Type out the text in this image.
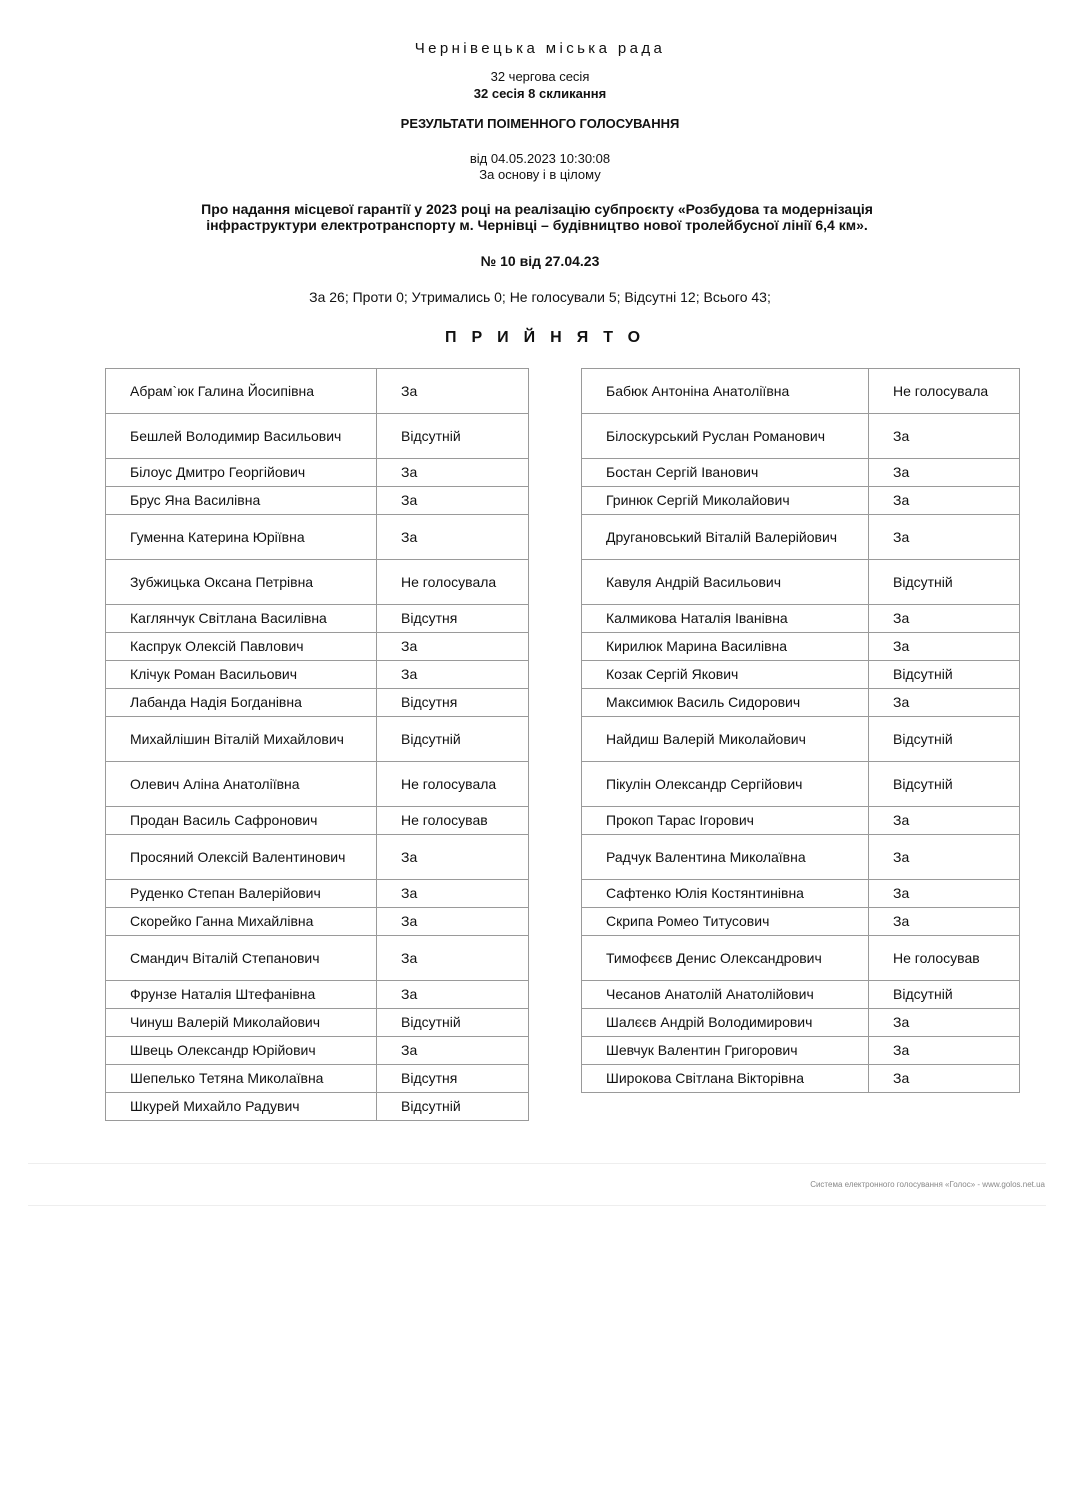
Чернівецька міська рада
32 чергова сесія
32 сесія 8 скликання
РЕЗУЛЬТАТИ ПОІМЕННОГО ГОЛОСУВАННЯ
від 04.05.2023 10:30:08
За основу і в цілому
Про надання місцевої гарантії у 2023 році на реалізацію субпроєкту «Розбудова та модернізація інфраструктури електротранспорту м. Чернівці – будівництво нової тролейбусної лінії 6,4 км».
№ 10 від 27.04.23
За 26; Проти 0; Утримались 0; Не голосували 5; Відсутні 12; Всього 43;
ПРИЙНЯТО
Абрам`юк Галина Йосипівна	За
Бешлей Володимир Васильович	Відсутній
Білоус Дмитро Георгійович	За
Брус Яна Василівна	За
Гуменна Катерина Юріївна	За
Зубжицька Оксана Петрівна	Не голосувала
Каглянчук Світлана Василівна	Відсутня
Каспрук Олексій Павлович	За
Клічук Роман Васильович	За
Лабанда Надія Богданівна	Відсутня
Михайлішин Віталій Михайлович	Відсутній
Олевич Аліна Анатоліївна	Не голосувала
Продан Василь Сафронович	Не голосував
Просяний Олексій Валентинович	За
Руденко Степан Валерійович	За
Скорейко Ганна Михайлівна	За
Смандич Віталій Степанович	За
Фрунзе Наталія Штефанівна	За
Чинуш Валерій Миколайович	Відсутній
Швець Олександр Юрійович	За
Шепелько Тетяна Миколаївна	Відсутня
Шкурей Михайло Радувич	Відсутній
Бабюк Антоніна Анатоліївна	Не голосувала
Білоскурський Руслан Романович	За
Бостан Сергій Іванович	За
Гринюк Сергій Миколайович	За
Другановський Віталій Валерійович	За
Кавуля Андрій Васильович	Відсутній
Калмикова Наталія Іванівна	За
Кирилюк Марина Василівна	За
Козак Сергій Якович	Відсутній
Максимюк Василь Сидорович	За
Найдиш Валерій Миколайович	Відсутній
Пікулін Олександр Сергійович	Відсутній
Прокоп Тарас Ігорович	За
Радчук Валентина Миколаївна	За
Сафтенко Юлія Костянтинівна	За
Скрипа Ромео Титусович	За
Тимофєєв Денис Олександрович	Не голосував
Чесанов Анатолій Анатолійович	Відсутній
Шалєєв Андрій Володимирович	За
Шевчук Валентин Григорович	За
Широкова Світлана Вікторівна	За
Система електронного голосування «Голос» - www.golos.net.ua
